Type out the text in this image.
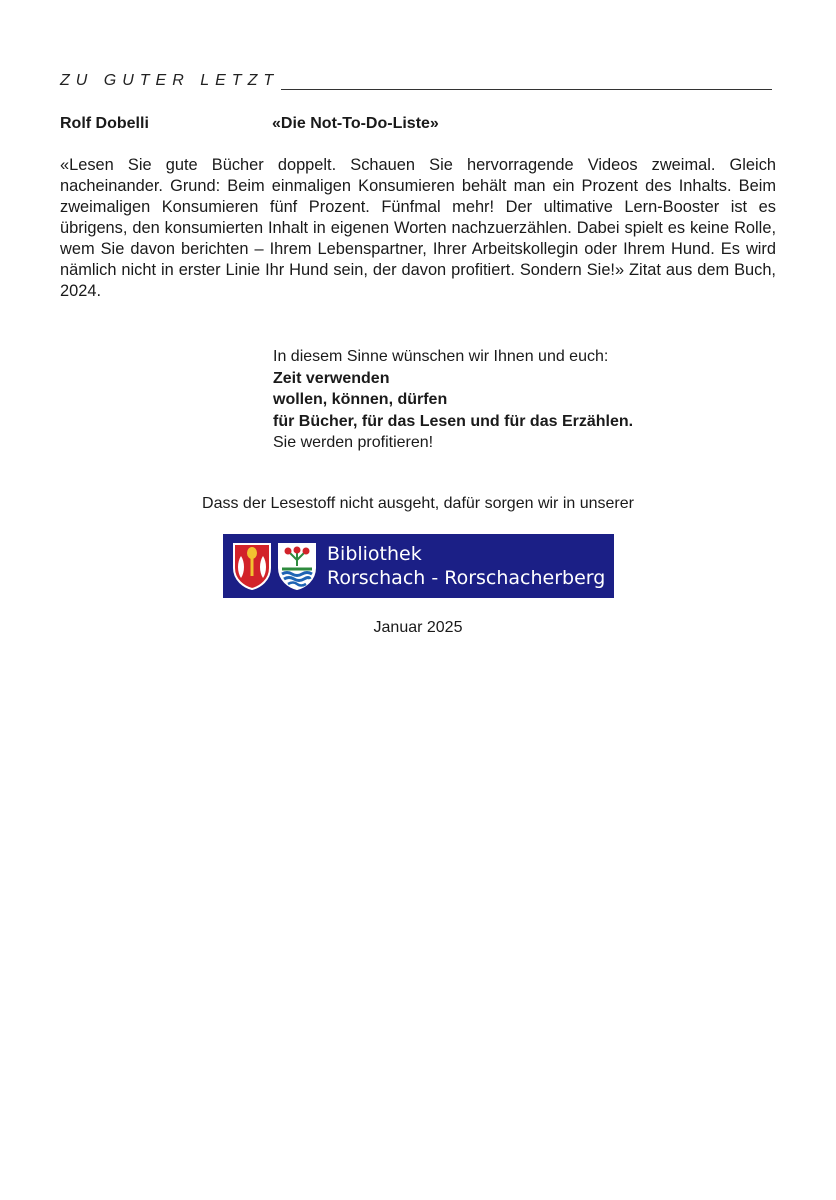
ZU GUTER LETZT
Rolf Dobelli	«Die Not-To-Do-Liste»

«Lesen Sie gute Bücher doppelt. Schauen Sie hervorragende Videos zweimal. Gleich nacheinander. Grund: Beim einmaligen Konsumieren behält man ein Prozent des Inhalts. Beim zweimaligen Konsumieren fünf Prozent. Fünfmal mehr! Der ultimative Lern-Booster ist es übrigens, den konsumierten Inhalt in eigenen Worten nachzuerzählen. Dabei spielt es keine Rolle, wem Sie davon berichten – Ihrem Lebenspartner, Ihrer Arbeitskollegin oder Ihrem Hund. Es wird nämlich nicht in erster Linie Ihr Hund sein, der davon profitiert. Sondern Sie!» Zitat aus dem Buch, 2024.

In diesem Sinne wünschen wir Ihnen und euch:
Zeit verwenden
wollen, können, dürfen
für Bücher, für das Lesen und für das Erzählen.
Sie werden profitieren!
Dass der Lesestoff nicht ausgeht, dafür sorgen wir in unserer
Bibliothek
Rorschach - Rorschacherberg
Januar 2025
